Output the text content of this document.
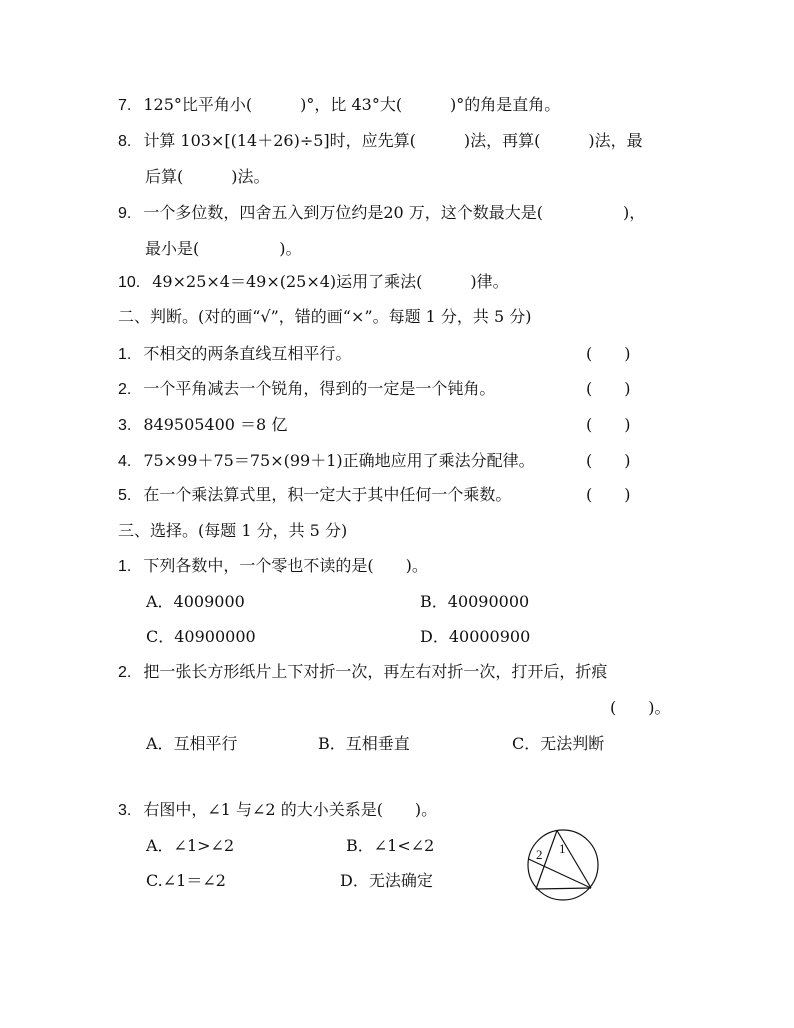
7. 125°比平角小(　　　)°，比 43°大(　　　)°的角是直角。
8. 计算 103×[(14＋26)÷5]时，应先算(　　　)法，再算(　　　)法，最
后算(　　　)法。
9. 一个多位数，四舍五入到万位约是20 万，这个数最大是(　　　　　)，
最小是(　　　　　)。
10. 49×25×4＝49×(25×4)运用了乘法(　　　)律。
二、判断。(对的画“√”，错的画“×”。每题 1 分，共 5 分)
1. 不相交的两条直线互相平行。	(　　)
2. 一个平角减去一个锐角，得到的一定是一个钝角。	(　　)
3. 849505400 ＝8 亿	(　　)
4. 75×99＋75＝75×(99＋1)正确地应用了乘法分配律。	(　　)
5. 在一个乘法算式里，积一定大于其中任何一个乘数。	(　　)
三、选择。(每题 1 分，共 5 分)
1. 下列各数中，一个零也不读的是(　　)。
A．4009000	B．40090000
C．40900000	D．40000900
2. 把一张长方形纸片上下对折一次，再左右对折一次，打开后，折痕
(　　)。
A．互相平行	B．互相垂直	C．无法判断
3. 右图中，∠1 与∠2 的大小关系是(　　)。
A．∠1>∠2	B．∠1<∠2
C.∠1＝∠2	D．无法确定
2 1
